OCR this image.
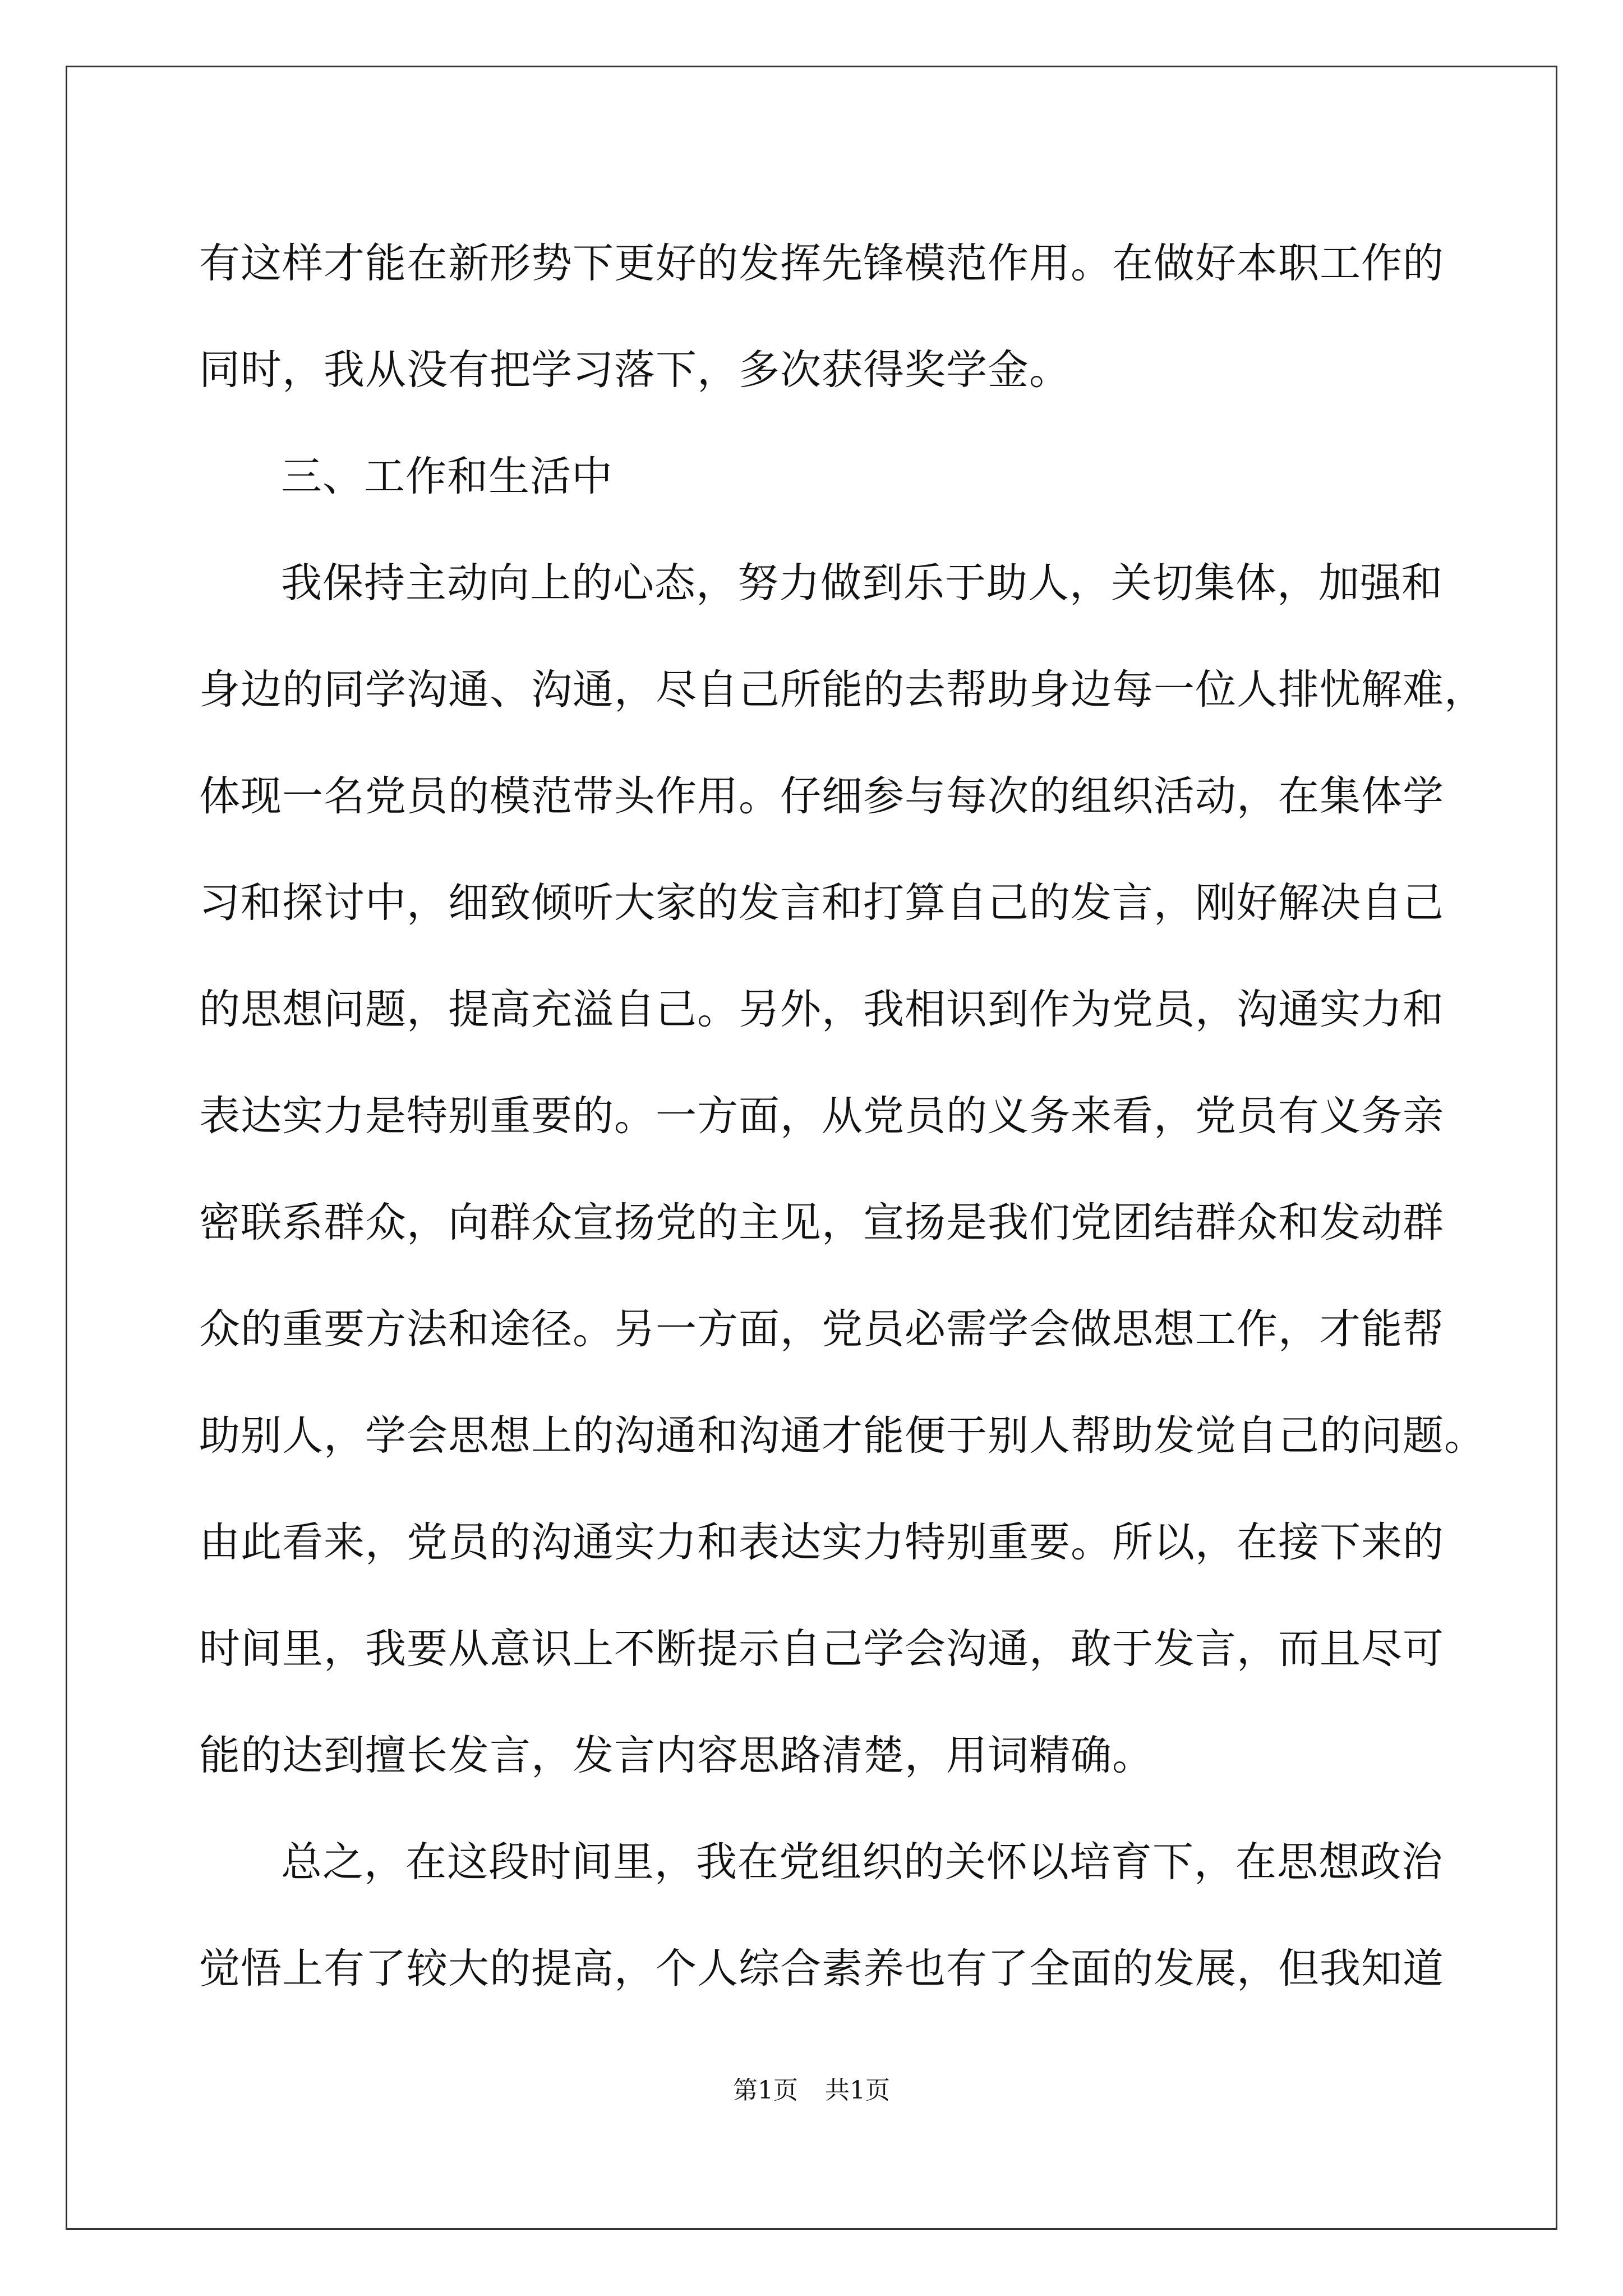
有这样才能在新形势下更好的发挥先锋模范作用。在做好本职工作的
同时，我从没有把学习落下，多次获得奖学金。
三、工作和生活中
我保持主动向上的心态，努力做到乐于助人，关切集体，加强和
身边的同学沟通、沟通，尽自己所能的去帮助身边每一位人排忧解难，
体现一名党员的模范带头作用。仔细参与每次的组织活动，在集体学
习和探讨中，细致倾听大家的发言和打算自己的发言，刚好解决自己
的思想问题，提高充溢自己。另外，我相识到作为党员，沟通实力和
表达实力是特别重要的。一方面，从党员的义务来看，党员有义务亲
密联系群众，向群众宣扬党的主见，宣扬是我们党团结群众和发动群
众的重要方法和途径。另一方面，党员必需学会做思想工作，才能帮
助别人，学会思想上的沟通和沟通才能便于别人帮助发觉自己的问题。
由此看来，党员的沟通实力和表达实力特别重要。所以，在接下来的
时间里，我要从意识上不断提示自己学会沟通，敢于发言，而且尽可
能的达到擅长发言，发言内容思路清楚，用词精确。
总之，在这段时间里，我在党组织的关怀以培育下，在思想政治
觉悟上有了较大的提高，个人综合素养也有了全面的发展，但我知道
第1页 共1页
